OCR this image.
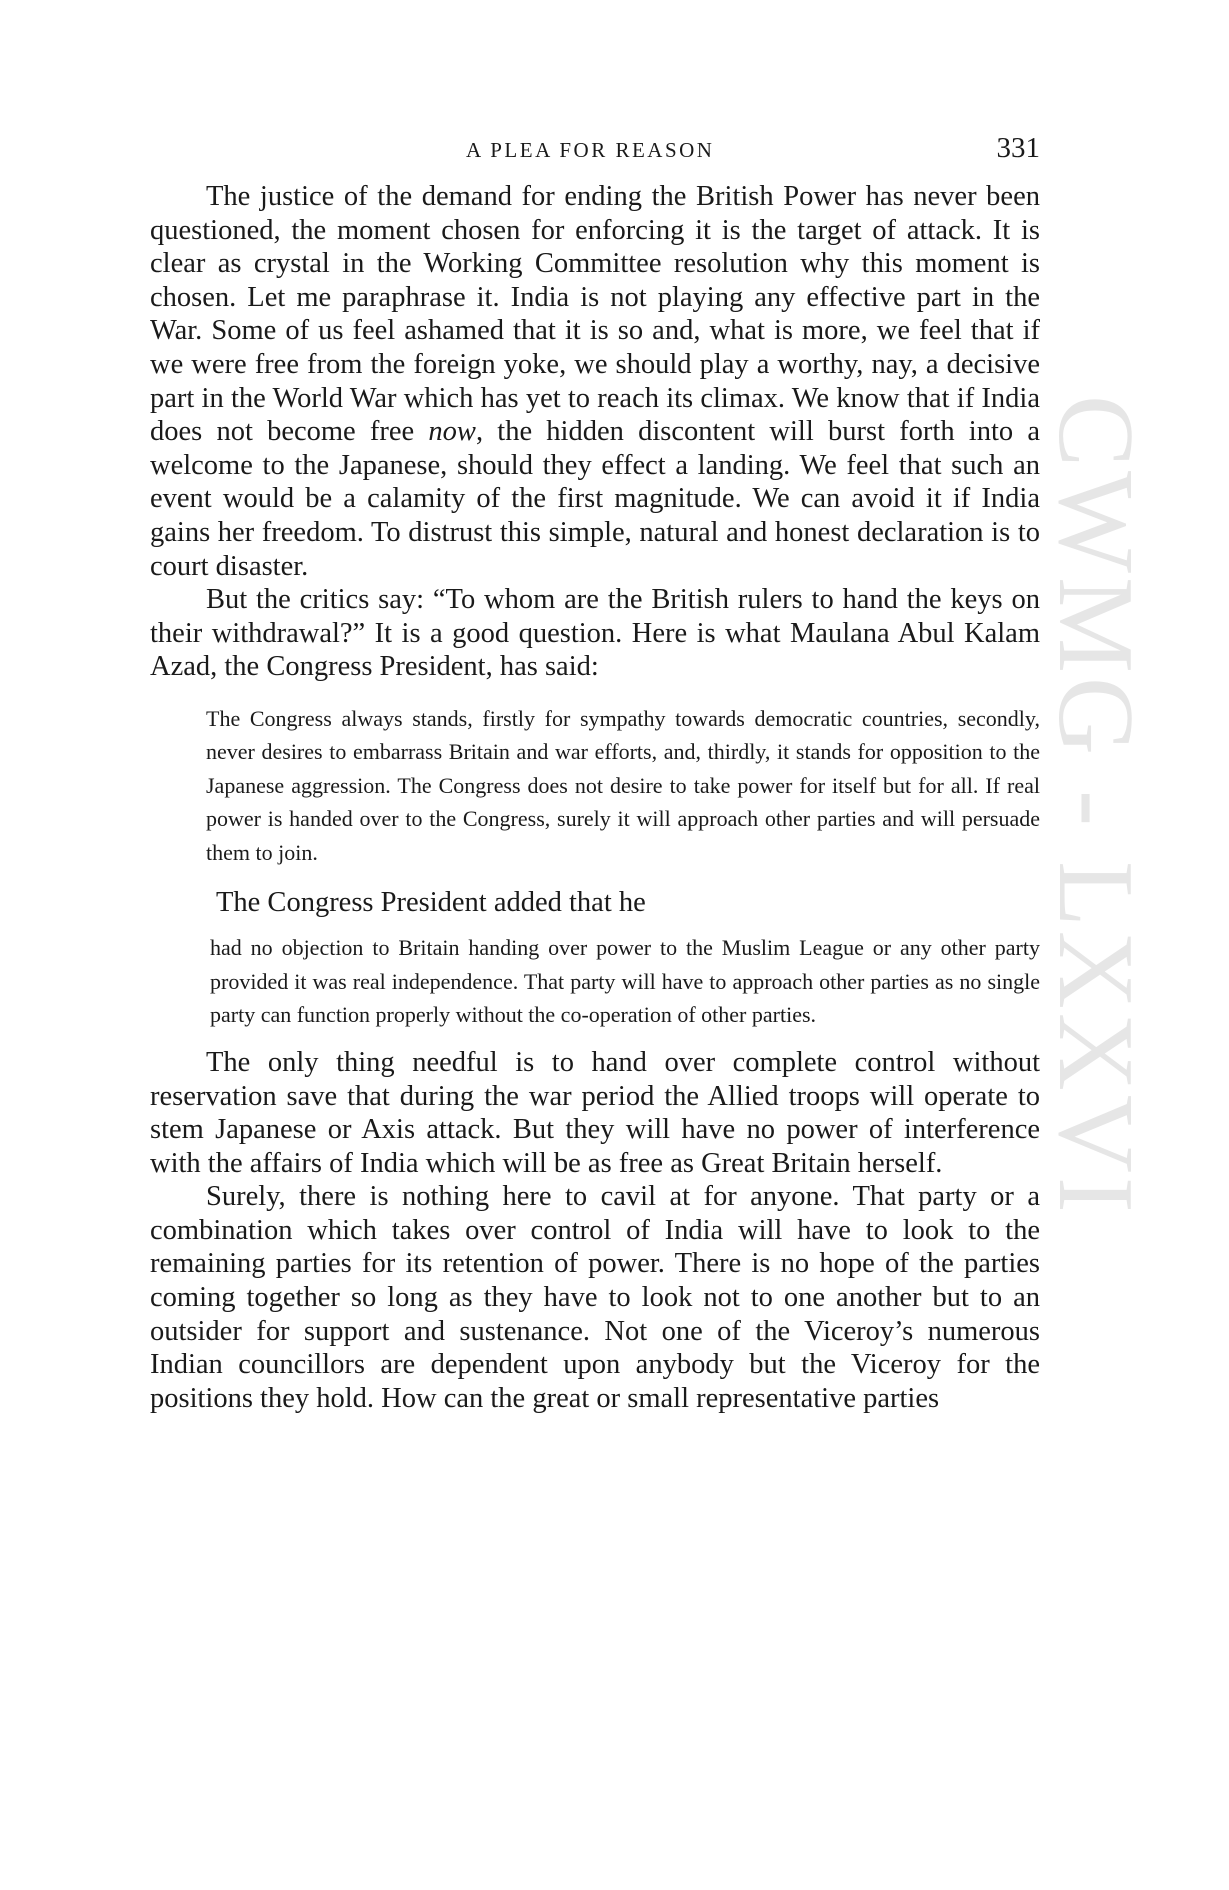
CWMG - LXXVI
A PLEA FOR REASON	331

The justice of the demand for ending the British Power has never been questioned, the moment chosen for enforcing it is the target of attack. It is clear as crystal in the Working Committee resolution why this moment is chosen. Let me paraphrase it. India is not playing any effective part in the War. Some of us feel ashamed that it is so and, what is more, we feel that if we were free from the foreign yoke, we should play a worthy, nay, a decisive part in the World War which has yet to reach its climax. We know that if India does not become free now, the hidden discontent will burst forth into a welcome to the Japanese, should they effect a landing. We feel that such an event would be a calamity of the first magnitude. We can avoid it if India gains her freedom. To distrust this simple, natural and honest declaration is to court disaster.

But the critics say: “To whom are the British rulers to hand the keys on their withdrawal?” It is a good question. Here is what Maulana Abul Kalam Azad, the Congress President, has said:

The Congress always stands, firstly for sympathy towards democratic countries, secondly, never desires to embarrass Britain and war efforts, and, thirdly, it stands for opposition to the Japanese aggression. The Congress does not desire to take power for itself but for all. If real power is handed over to the Congress, surely it will approach other parties and will persuade them to join.
The Congress President added that he
had no objection to Britain handing over power to the Muslim League or any other party provided it was real independence. That party will have to approach other parties as no single party can function properly without the co-operation of other parties.

The only thing needful is to hand over complete control without reservation save that during the war period the Allied troops will operate to stem Japanese or Axis attack. But they will have no power of interference with the affairs of India which will be as free as Great Britain herself.

Surely, there is nothing here to cavil at for anyone. That party or a combination which takes over control of India will have to look to the remaining parties for its retention of power. There is no hope of the parties coming together so long as they have to look not to one another but to an outsider for support and sustenance. Not one of the Viceroy’s numerous Indian councillors are dependent upon anybody but the Viceroy for the positions they hold. How can the great or small representative parties
